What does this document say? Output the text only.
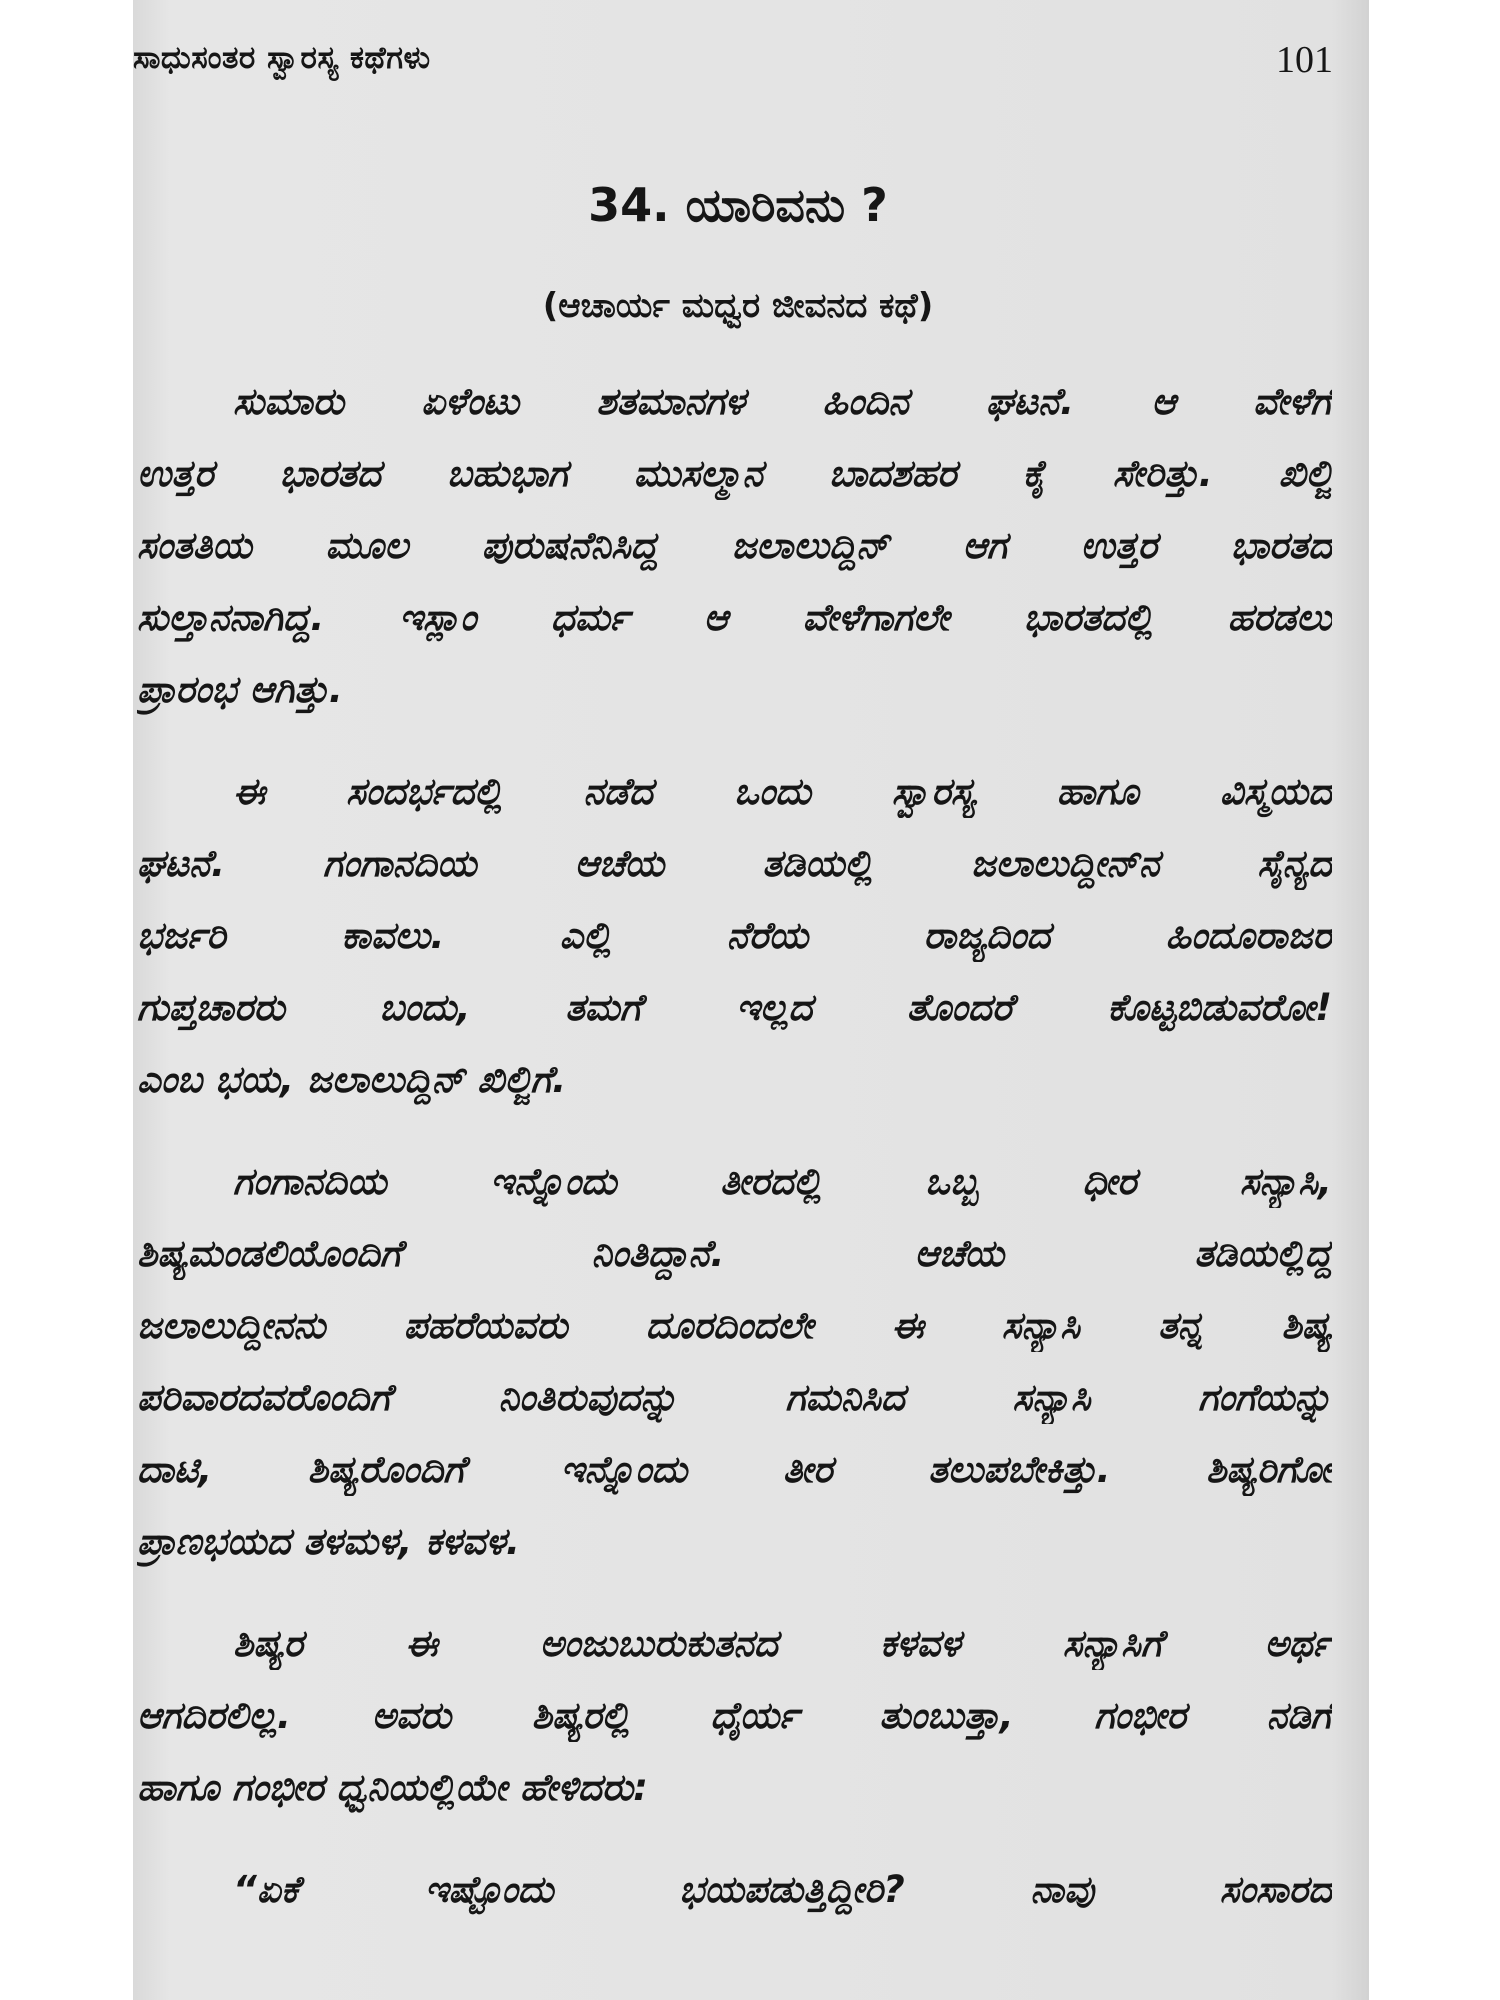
ಸಾಧುಸಂತರ ಸ್ವಾರಸ್ಯ ಕಥೆಗಳು	101
34. ಯಾರಿವನು ?
(ಆಚಾರ್ಯ ಮಧ್ವರ ಜೀವನದ ಕಥೆ)
ಸುಮಾರು ಏಳೆಂಟು ಶತಮಾನಗಳ ಹಿಂದಿನ ಘಟನೆ. ಆ ವೇಳೆಗೆ
ಉತ್ತರ ಭಾರತದ ಬಹುಭಾಗ ಮುಸಲ್ಮಾನ ಬಾದಶಹರ ಕೈ ಸೇರಿತ್ತು. ಖಿಲ್ಜಿ
ಸಂತತಿಯ ಮೂಲ ಪುರುಷನೆನಿಸಿದ್ದ ಜಲಾಲುದ್ದಿನ್ ಆಗ ಉತ್ತರ ಭಾರತದ
ಸುಲ್ತಾನನಾಗಿದ್ದ. ಇಸ್ಲಾಂ ಧರ್ಮ ಆ ವೇಳೆಗಾಗಲೇ ಭಾರತದಲ್ಲಿ ಹರಡಲು
ಪ್ರಾರಂಭ ಆಗಿತ್ತು.
ಈ ಸಂದರ್ಭದಲ್ಲಿ ನಡೆದ ಒಂದು ಸ್ವಾರಸ್ಯ ಹಾಗೂ ವಿಸ್ಮಯದ
ಘಟನೆ. ಗಂಗಾನದಿಯ ಆಚೆಯ ತಡಿಯಲ್ಲಿ ಜಲಾಲುದ್ದೀನ್‌ನ ಸೈನ್ಯದ
ಭರ್ಜರಿ ಕಾವಲು. ಎಲ್ಲಿ ನೆರೆಯ ರಾಜ್ಯದಿಂದ ಹಿಂದೂರಾಜರ
ಗುಪ್ತಚಾರರು ಬಂದು, ತಮಗೆ ಇಲ್ಲದ ತೊಂದರೆ ಕೊಟ್ಟಬಿಡುವರೋ!
ಎಂಬ ಭಯ, ಜಲಾಲುದ್ದಿನ್ ಖಿಲ್ಜಿಗೆ.
ಗಂಗಾನದಿಯ ಇನ್ನೊಂದು ತೀರದಲ್ಲಿ ಒಬ್ಬ ಧೀರ ಸನ್ಯಾಸಿ,
ಶಿಷ್ಯಮಂಡಲಿಯೊಂದಿಗೆ ನಿಂತಿದ್ದಾನೆ. ಆಚೆಯ ತಡಿಯಲ್ಲಿದ್ದ
ಜಲಾಲುದ್ದೀನನು ಪಹರೆಯವರು ದೂರದಿಂದಲೇ ಈ ಸನ್ಯಾಸಿ ತನ್ನ ಶಿಷ್ಯ
ಪರಿವಾರದವರೊಂದಿಗೆ ನಿಂತಿರುವುದನ್ನು ಗಮನಿಸಿದ ಸನ್ಯಾಸಿ ಗಂಗೆಯನ್ನು
ದಾಟಿ, ಶಿಷ್ಯರೊಂದಿಗೆ ಇನ್ನೊಂದು ತೀರ ತಲುಪಬೇಕಿತ್ತು. ಶಿಷ್ಯರಿಗೋ
ಪ್ರಾಣಭಯದ ತಳಮಳ, ಕಳವಳ.
ಶಿಷ್ಯರ ಈ ಅಂಜುಬುರುಕುತನದ ಕಳವಳ ಸನ್ಯಾಸಿಗೆ ಅರ್ಥ
ಆಗದಿರಲಿಲ್ಲ. ಅವರು ಶಿಷ್ಯರಲ್ಲಿ ಧೈರ್ಯ ತುಂಬುತ್ತಾ, ಗಂಭೀರ ನಡಿಗೆ
ಹಾಗೂ ಗಂಭೀರ ಧ್ವನಿಯಲ್ಲಿಯೇ ಹೇಳಿದರು:
“ಏಕೆ ಇಷ್ಟೊಂದು ಭಯಪಡುತ್ತಿದ್ದೀರಿ? ನಾವು ಸಂಸಾರದ
